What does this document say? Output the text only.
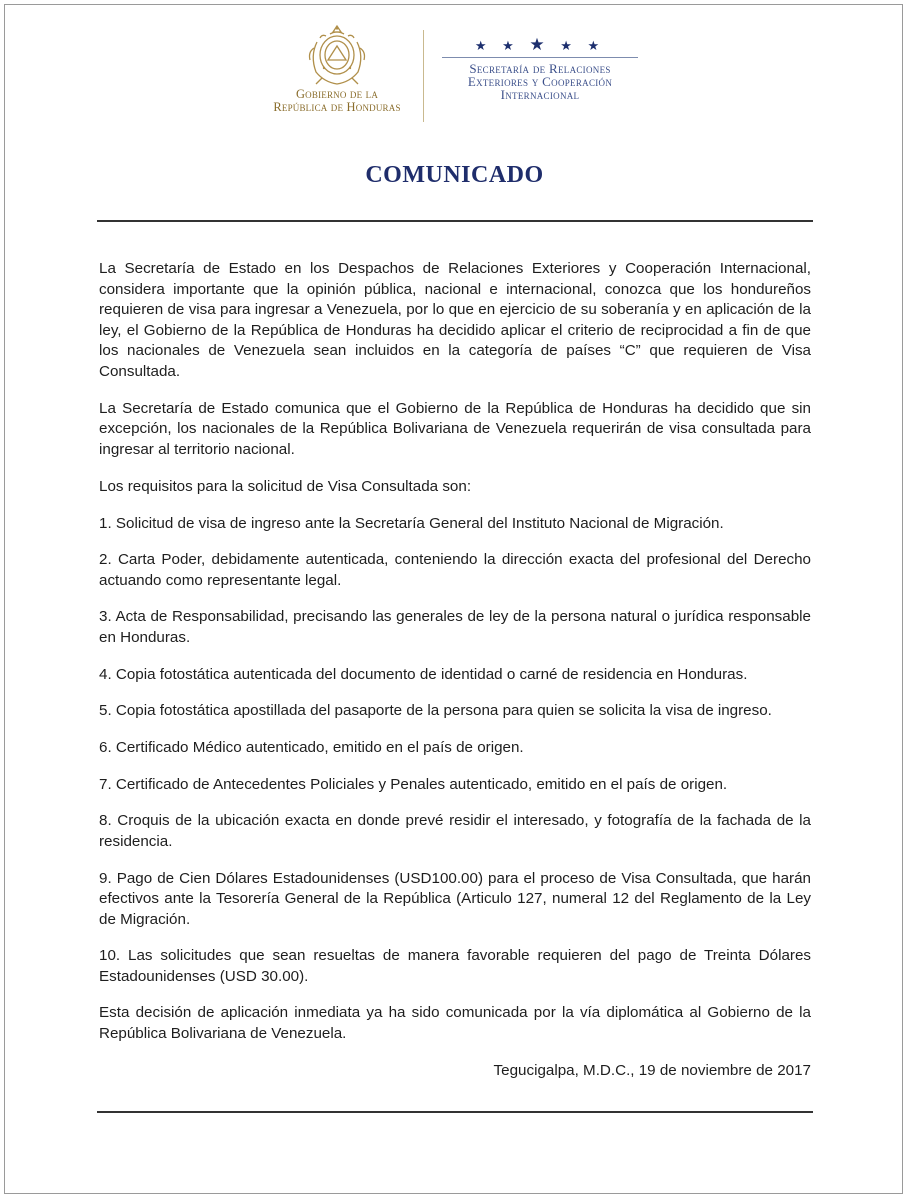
Gobierno de la
República de Honduras
★ ★ ★ ★ ★
Secretaría de Relaciones
Exteriores y Cooperación
Internacional
COMUNICADO

La Secretaría de Estado en los Despachos de Relaciones Exteriores y Cooperación Internacional, considera importante que la opinión pública, nacional e internacional, conozca que los hondureños requieren de visa para ingresar a Venezuela, por lo que en ejercicio de su soberanía y en aplicación de la ley, el Gobierno de la República de Honduras ha decidido aplicar el criterio de reciprocidad a fin de que los nacionales de Venezuela sean incluidos en la categoría de países “C” que requieren de Visa Consultada.

La Secretaría de Estado comunica que el Gobierno de la República de Honduras ha decidido que sin excepción, los nacionales de la República Bolivariana de Venezuela requerirán de visa consultada para ingresar al territorio nacional.

Los requisitos para la solicitud de Visa Consultada son:

1. Solicitud de visa de ingreso ante la Secretaría General del Instituto Nacional de Migración.

2. Carta Poder, debidamente autenticada, conteniendo la dirección exacta del profesional del Derecho actuando como representante legal.

3. Acta de Responsabilidad, precisando las generales de ley de la persona natural o jurídica responsable en Honduras.

4. Copia fotostática autenticada del documento de identidad o carné de residencia en Honduras.

5. Copia fotostática apostillada del pasaporte de la persona para quien se solicita la visa de ingreso.

6. Certificado Médico autenticado, emitido en el país de origen.

7. Certificado de Antecedentes Policiales y Penales autenticado, emitido en el país de origen.

8. Croquis de la ubicación exacta en donde prevé residir el interesado, y fotografía de la fachada de la residencia.

9. Pago de Cien Dólares Estadounidenses (USD100.00) para el proceso de Visa Consultada, que harán efectivos ante la Tesorería General de la República (Articulo 127, numeral 12 del Reglamento de la Ley de Migración.

10. Las solicitudes que sean resueltas de manera favorable requieren del pago de Treinta Dólares Estadounidenses (USD 30.00).

Esta decisión de aplicación inmediata ya ha sido comunicada por la vía diplomática al Gobierno de la República Bolivariana de Venezuela.

Tegucigalpa, M.D.C., 19 de noviembre de 2017
